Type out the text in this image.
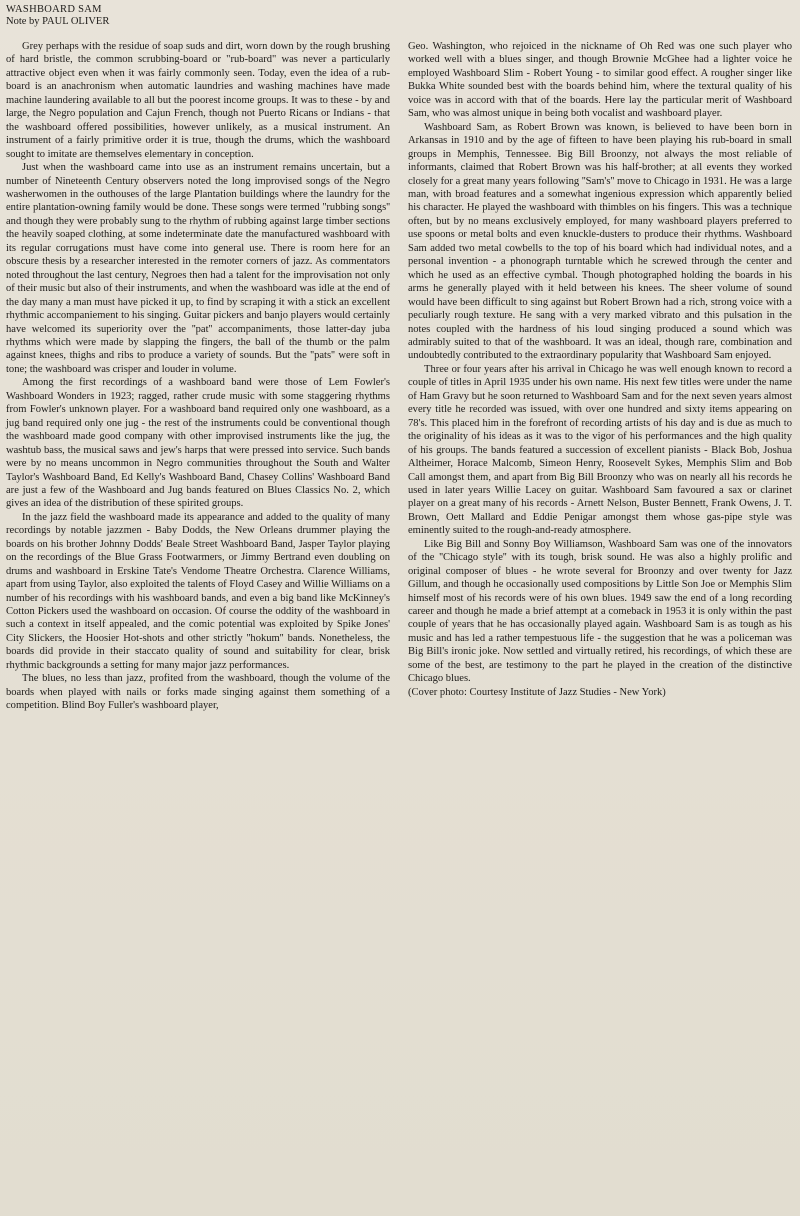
WASHBOARD SAM
Note by PAUL OLIVER

Grey perhaps with the residue of soap suds and dirt, worn down by the rough brushing of hard bristle, the common scrubbing-board or "rub-board" was never a particularly attractive object even when it was fairly commonly seen. Today, even the idea of a rub-board is an anachronism when automatic laundries and washing machines have made machine laundering available to all but the poorest income groups. It was to these - by and large, the Negro population and Cajun French, though not Puerto Ricans or Indians - that the washboard offered possibilities, however unlikely, as a musical instrument. An instrument of a fairly primitive order it is true, though the drums, which the washboard sought to imitate are themselves elementary in conception.

Just when the washboard came into use as an instrument remains uncertain, but a number of Nineteenth Century observers noted the long improvised songs of the Negro washerwomen in the outhouses of the large Plantation buildings where the laundry for the entire plantation-owning family would be done. These songs were termed ''rubbing songs'' and though they were probably sung to the rhythm of rubbing against large timber sections the heavily soaped clothing, at some indeterminate date the manufactured washboard with its regular corrugations must have come into general use. There is room here for an obscure thesis by a researcher interested in the remoter corners of jazz. As commentators noted throughout the last century, Negroes then had a talent for the improvisation not only of their music but also of their instruments, and when the washboard was idle at the end of the day many a man must have picked it up, to find by scraping it with a stick an excellent rhythmic accompaniement to his singing. Guitar pickers and banjo players would certainly have welcomed its superiority over the ''pat'' accompaniments, those latter-day juba rhythms which were made by slapping the fingers, the ball of the thumb or the palm against knees, thighs and ribs to produce a variety of sounds. But the ''pats'' were soft in tone; the washboard was crisper and louder in volume.

Among the first recordings of a washboard band were those of Lem Fowler's Washboard Wonders in 1923; ragged, rather crude music with some staggering rhythms from Fowler's unknown player. For a washboard band required only one washboard, as a jug band required only one jug - the rest of the instruments could be conventional though the washboard made good company with other improvised instruments like the jug, the washtub bass, the musical saws and jew's harps that were pressed into service. Such bands were by no means uncommon in Negro communities throughout the South and Walter Taylor's Washboard Band, Ed Kelly's Washboard Band, Chasey Collins' Washboard Band are just a few of the Washboard and Jug bands featured on Blues Classics No. 2, which gives an idea of the distribution of these spirited groups.

In the jazz field the washboard made its appearance and added to the quality of many recordings by notable jazzmen - Baby Dodds, the New Orleans drummer playing the boards on his brother Johnny Dodds' Beale Street Washboard Band, Jasper Taylor playing on the recordings of the Blue Grass Footwarmers, or Jimmy Bertrand even doubling on drums and washboard in Erskine Tate's Vendome Theatre Orchestra. Clarence Williams, apart from using Taylor, also exploited the talents of Floyd Casey and Willie Williams on a number of his recordings with his washboard bands, and even a big band like McKinney's Cotton Pickers used the washboard on occasion. Of course the oddity of the washboard in such a context in itself appealed, and the comic potential was exploited by Spike Jones' City Slickers, the Hoosier Hot-shots and other strictly ''hokum'' bands. Nonetheless, the boards did provide in their staccato quality of sound and suitability for clear, brisk rhythmic backgrounds a setting for many major jazz performances.

The blues, no less than jazz, profited from the washboard, though the volume of the boards when played with nails or forks made singing against them something of a competition. Blind Boy Fuller's washboard player,

Geo. Washington, who rejoiced in the nickname of Oh Red was one such player who worked well with a blues singer, and though Brownie McGhee had a lighter voice he employed Washboard Slim - Robert Young - to similar good effect. A rougher singer like Bukka White sounded best with the boards behind him, where the textural quality of his voice was in accord with that of the boards. Here lay the particular merit of Washboard Sam, who was almost unique in being both vocalist and washboard player.

Washboard Sam, as Robert Brown was known, is believed to have been born in Arkansas in 1910 and by the age of fifteen to have been playing his rub-board in small groups in Memphis, Tennessee. Big Bill Broonzy, not always the most reliable of informants, claimed that Robert Brown was his half-brother; at all events they worked closely for a great many years following ''Sam's'' move to Chicago in 1931. He was a large man, with broad features and a somewhat ingenious expression which apparently belied his character. He played the washboard with thimbles on his fingers. This was a technique often, but by no means exclusively employed, for many washboard players preferred to use spoons or metal bolts and even knuckle-dusters to produce their rhythms. Washboard Sam added two metal cowbells to the top of his board which had individual notes, and a personal invention - a phonograph turntable which he screwed through the center and which he used as an effective cymbal. Though photographed holding the boards in his arms he generally played with it held between his knees. The sheer volume of sound would have been difficult to sing against but Robert Brown had a rich, strong voice with a peculiarly rough texture. He sang with a very marked vibrato and this pulsation in the notes coupled with the hardness of his loud singing produced a sound which was admirably suited to that of the washboard. It was an ideal, though rare, combination and undoubtedly contributed to the extraordinary popularity that Washboard Sam enjoyed.

Three or four years after his arrival in Chicago he was well enough known to record a couple of titles in April 1935 under his own name. His next few titles were under the name of Ham Gravy but he soon returned to Washboard Sam and for the next seven years almost every title he recorded was issued, with over one hundred and sixty items appearing on 78's. This placed him in the forefront of recording artists of his day and is due as much to the originality of his ideas as it was to the vigor of his performances and the high quality of his groups. The bands featured a succession of excellent pianists - Black Bob, Joshua Altheimer, Horace Malcomb, Simeon Henry, Roosevelt Sykes, Memphis Slim and Bob Call amongst them, and apart from Big Bill Broonzy who was on nearly all his records he used in later years Willie Lacey on guitar. Washboard Sam favoured a sax or clarinet player on a great many of his records - Arnett Nelson, Buster Bennett, Frank Owens, J. T. Brown, Oett Mallard and Eddie Penigar amongst them whose gas-pipe style was eminently suited to the rough-and-ready atmosphere.

Like Big Bill and Sonny Boy Williamson, Washboard Sam was one of the innovators of the ''Chicago style'' with its tough, brisk sound. He was also a highly prolific and original composer of blues - he wrote several for Broonzy and over twenty for Jazz Gillum, and though he occasionally used compositions by Little Son Joe or Memphis Slim himself most of his records were of his own blues. 1949 saw the end of a long recording career and though he made a brief attempt at a comeback in 1953 it is only within the past couple of years that he has occasionally played again. Washboard Sam is as tough as his music and has led a rather tempestuous life - the suggestion that he was a policeman was Big Bill's ironic joke. Now settled and virtually retired, his recordings, of which these are some of the best, are testimony to the part he played in the creation of the distinctive Chicago blues.

(Cover photo: Courtesy Institute of Jazz Studies - New York)
